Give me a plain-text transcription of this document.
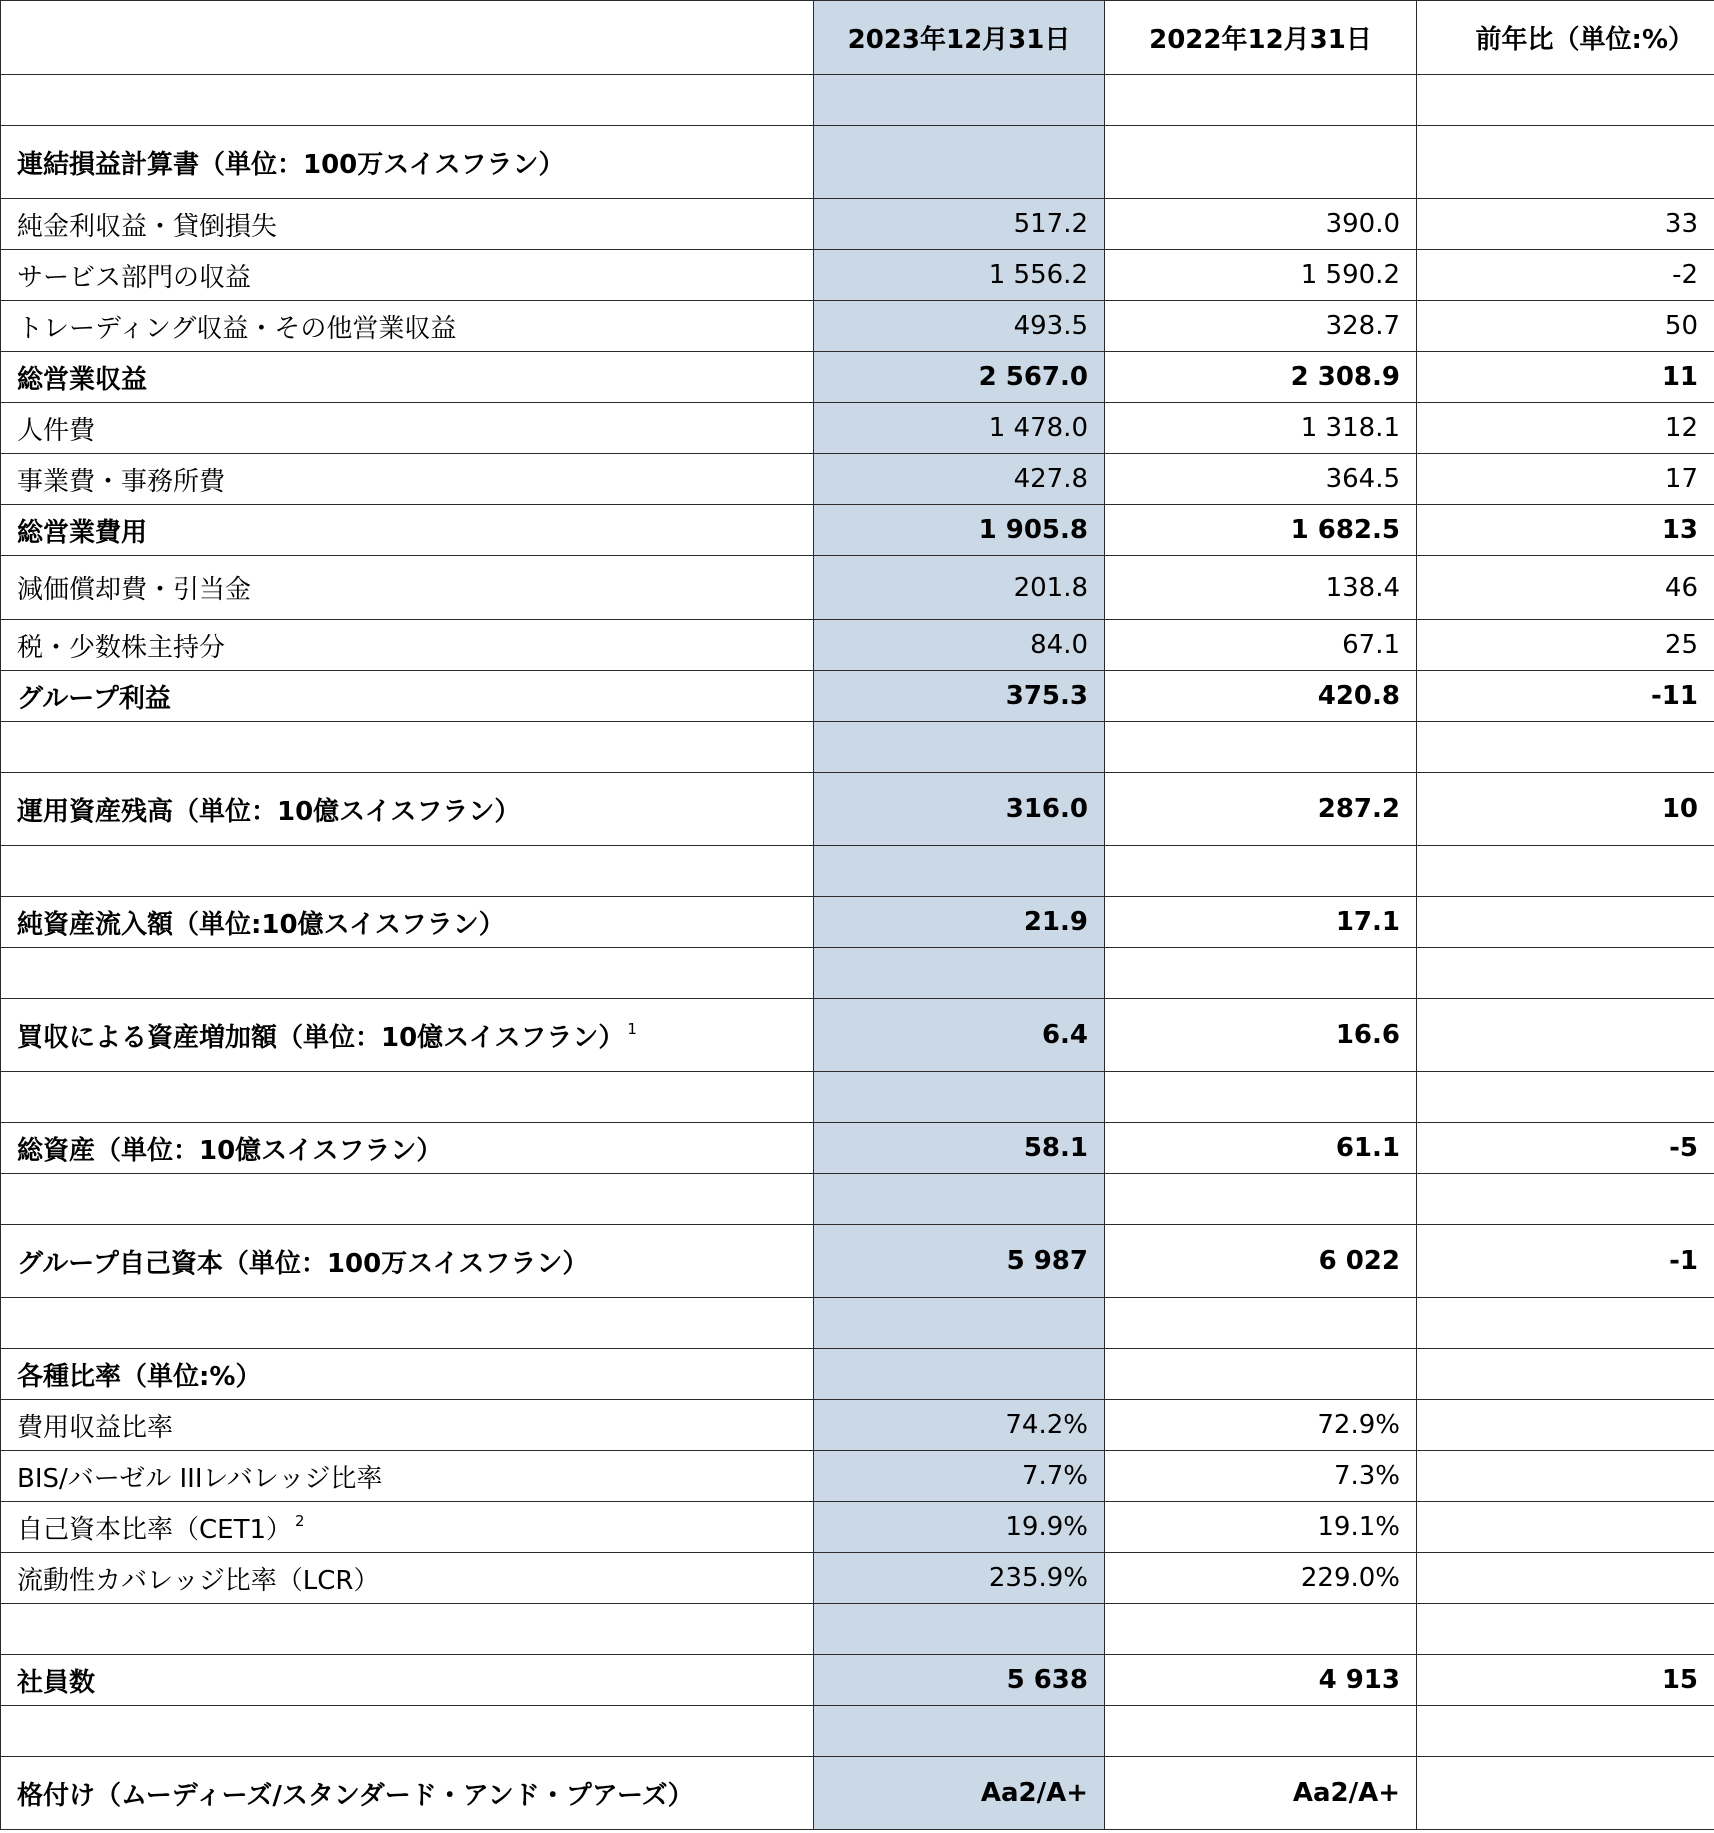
	2023年12月31日	2022年12月31日	前年比（単位:%）

連結損益計算書（単位：100万スイスフラン）			
純金利収益・貸倒損失	517.2	390.0	33
サービス部門の収益	1 556.2	1 590.2	-2
トレーディング収益・その他営業収益	493.5	328.7	50
総営業収益	2 567.0	2 308.9	11
人件費	1 478.0	1 318.1	12
事業費・事務所費	427.8	364.5	17
総営業費用	1 905.8	1 682.5	13
減価償却費・引当金	201.8	138.4	46
税・少数株主持分	84.0	67.1	25
グループ利益	375.3	420.8	-11

運用資産残高（単位：10億スイスフラン）	316.0	287.2	10

純資産流入額（単位:10億スイスフラン）	21.9	17.1	

買収による資産増加額（単位：10億スイスフラン） $^1$	6.4	16.6	

総資産（単位：10億スイスフラン）	58.1	61.1	-5

グループ自己資本（単位：100万スイスフラン）	5 987	6 022	-1

各種比率（単位:%）			
費用収益比率	74.2%	72.9%	
BIS/バーゼル IIIレバレッジ比率	7.7%	7.3%	
自己資本比率（CET1） $^2$	19.9%	19.1%	
流動性カバレッジ比率（LCR）	235.9%	229.0%	

社員数	5 638	4 913	15

格付け（ムーディーズ/スタンダード・アンド・プアーズ）	Aa2/A+	Aa2/A+	
